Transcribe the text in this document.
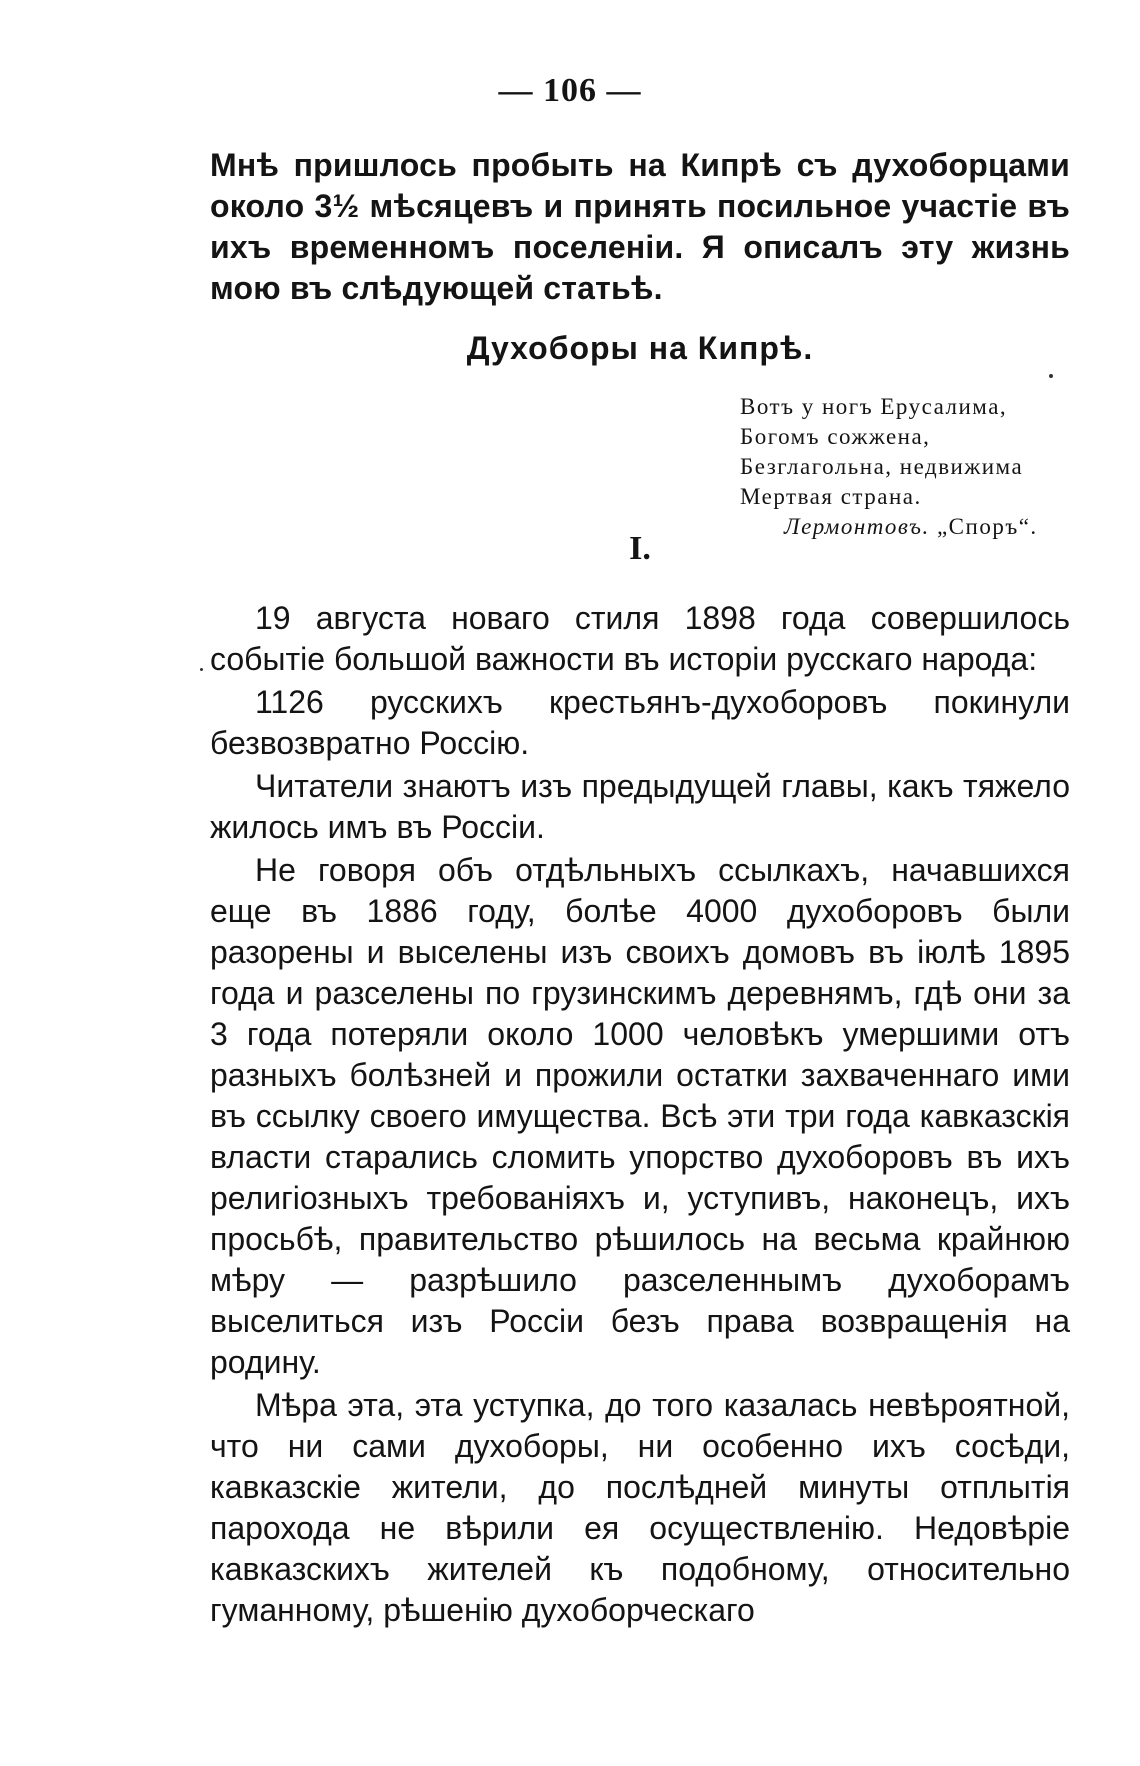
— 106 —
Мнѣ пришлось пробыть на Кипрѣ съ духоборцами около 3½ мѣсяцевъ и принять посильное участіе въ ихъ временномъ поселеніи. Я описалъ эту жизнь мою въ слѣдующей статьѣ.
Духоборы на Кипрѣ.
Вотъ у ногъ Ерусалима,
Богомъ сожжена,
Безглагольна, недвижима
Мертвая страна.
Лермонтовъ. „Споръ“.
I.

19 августа новаго стиля 1898 года совершилось событіе большой важности въ исторіи русскаго народа:

1126 русскихъ крестьянъ-духоборовъ покинули безвозвратно Россію.

Читатели знаютъ изъ предыдущей главы, какъ тяжело жилось имъ въ Россіи.

Не говоря объ отдѣльныхъ ссылкахъ, начавшихся еще въ 1886 году, болѣе 4000 духоборовъ были разорены и выселены изъ своихъ домовъ въ іюлѣ 1895 года и разселены по грузинскимъ деревнямъ, гдѣ они за 3 года потеряли около 1000 человѣкъ умершими отъ разныхъ болѣзней и прожили остатки захваченнаго ими въ ссылку своего имущества. Всѣ эти три года кавказскія власти старались сломить упорство духоборовъ въ ихъ религіозныхъ требованіяхъ и, уступивъ, наконецъ, ихъ просьбѣ, правительство рѣшилось на весьма крайнюю мѣру — разрѣшило разселеннымъ духоборамъ выселиться изъ Россіи безъ права возвращенія на родину.

Мѣра эта, эта уступка, до того казалась невѣроятной, что ни сами духоборы, ни особенно ихъ сосѣди, кавказскіе жители, до послѣдней минуты отплытія парохода не вѣрили ея осуществленію. Недовѣріе кавказскихъ жителей къ подобному, относительно гуманному, рѣшенію духоборческаго
